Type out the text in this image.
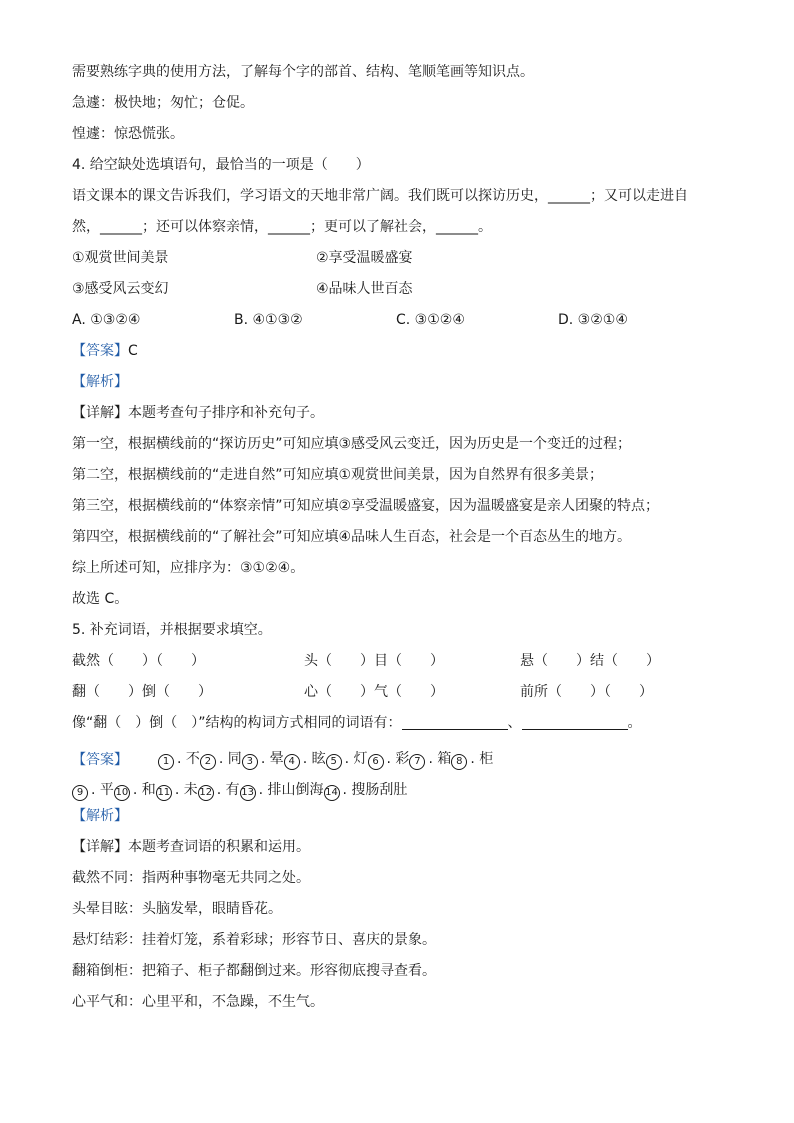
需要熟练字典的使用方法，了解每个字的部首、结构、笔顺笔画等知识点。
急遽：极快地；匆忙；仓促。
惶遽：惊恐慌张。
4. 给空缺处选填语句，最恰当的一项是（　　）
语文课本的课文告诉我们，学习语文的天地非常广阔。我们既可以探访历史，______；又可以走进自
然，______；还可以体察亲情，______；更可以了解社会，______。
①观赏世间美景	②享受温暖盛宴
③感受风云变幻	④品味人世百态
A. ①③②④	B. ④①③②	C. ③①②④	D. ③②①④
【答案】C
【解析】
【详解】本题考查句子排序和补充句子。
第一空，根据横线前的“探访历史”可知应填③感受风云变迁，因为历史是一个变迁的过程；
第二空，根据横线前的“走进自然”可知应填①观赏世间美景，因为自然界有很多美景；
第三空，根据横线前的“体察亲情”可知应填②享受温暖盛宴，因为温暖盛宴是亲人团聚的特点；
第四空，根据横线前的“了解社会”可知应填④品味人生百态，社会是一个百态丛生的地方。
综上所述可知，应排序为：③①②④。
故选 C。
5. 补充词语，并根据要求填空。
截然（　　）（　　）	头（　　）目（　　）	悬（　　）结（　　）
翻（　　）倒（　　）	心（　　）气（　　）	前所（　　）（　　）
像“翻（　）倒（　）”结构的构词方式相同的词语有：	、	。
【答案】	1 . 不 2 . 同 3 . 晕 4 . 眩 5 . 灯 6 . 彩 7 . 箱 8 . 柜
9 . 平 10 . 和 11 . 未 12 . 有 13 . 排山倒海 14 . 搜肠刮肚
【解析】
【详解】本题考查词语的积累和运用。
截然不同：指两种事物毫无共同之处。
头晕目眩：头脑发晕，眼睛昏花。
悬灯结彩：挂着灯笼，系着彩球；形容节日、喜庆的景象。
翻箱倒柜：把箱子、柜子都翻倒过来。形容彻底搜寻查看。
心平气和：心里平和，不急躁，不生气。
